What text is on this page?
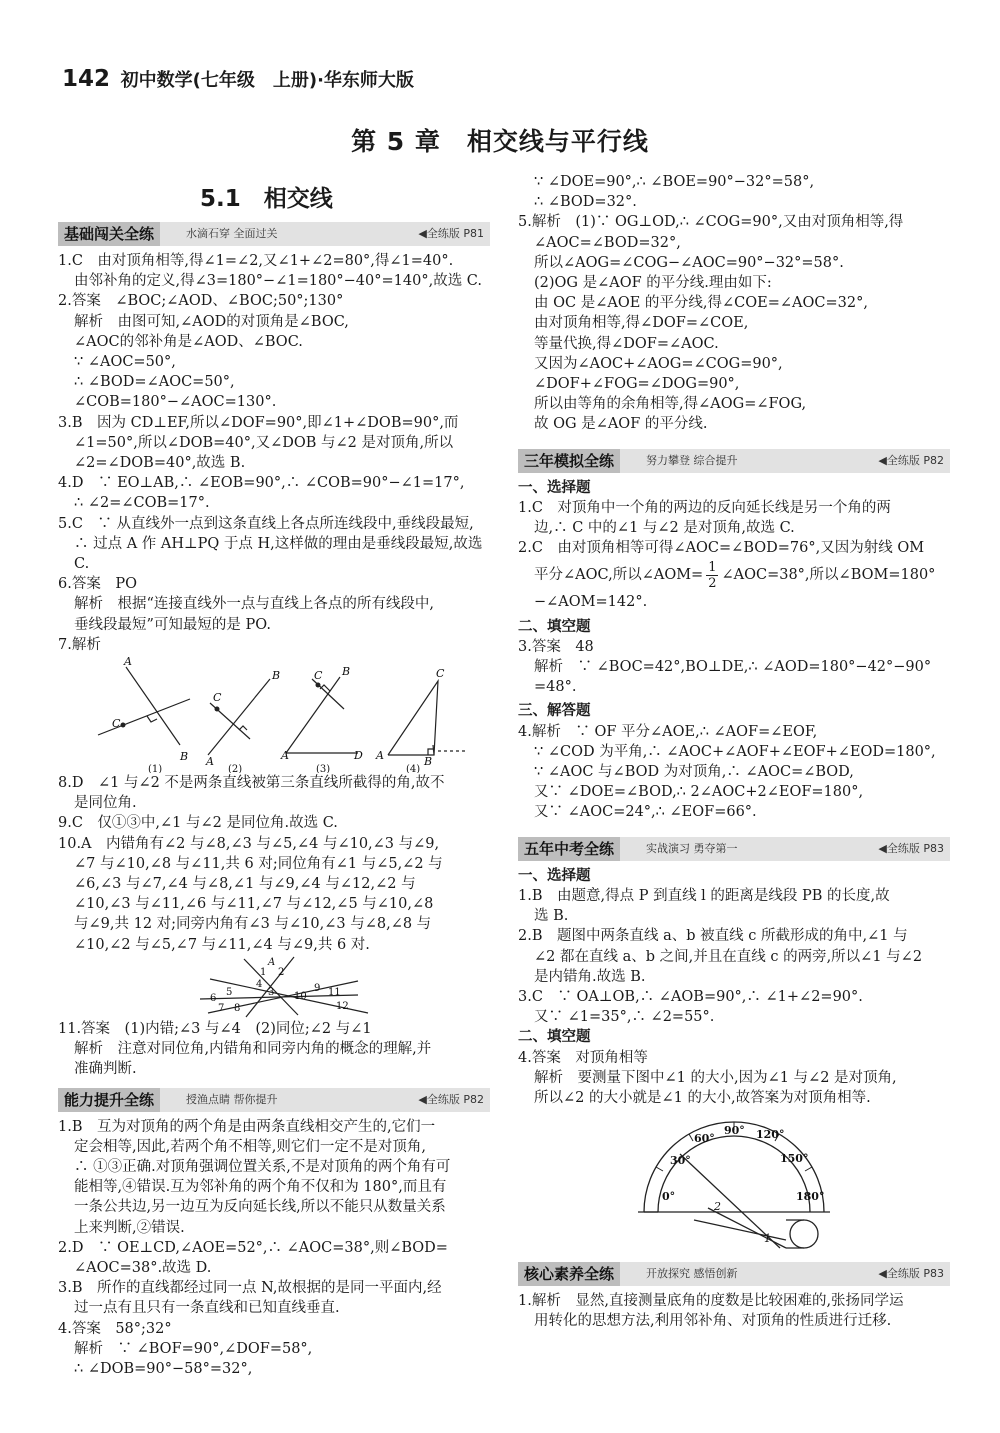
142 初中数学(七年级　上册)·华东师大版
第 5 章　相交线与平行线
5.1　相交线
基础闯关全练	水滴石穿 全面过关	◀全练版 P81

1.C　由对顶角相等,得∠1=∠2,又∠1+∠2=80°,得∠1=40°.

由邻补角的定义,得∠3=180°−∠1=180°−40°=140°,故选 C.

2.答案　∠BOC;∠AOD、∠BOC;50°;130°

解析　由图可知,∠AOD的对顶角是∠BOC,

∠AOC的邻补角是∠AOD、∠BOC.

∵ ∠AOC=50°,

∴ ∠BOD=∠AOC=50°,

∠COB=180°−∠AOC=130°.

3.B　因为 CD⊥EF,所以∠DOF=90°,即∠1+∠DOB=90°,而

∠1=50°,所以∠DOB=40°,又∠DOB 与∠2 是对顶角,所以

∠2=∠DOB=40°,故选 B.

4.D　∵ EO⊥AB,∴ ∠EOB=90°,∴ ∠COB=90°−∠1=17°,

∴ ∠2=∠COB=17°.

5.C　∵ 从直线外一点到这条直线上各点所连线段中,垂线段最短,

∴ 过点 A 作 AH⊥PQ 于点 H,这样做的理由是垂线段最短,故选 C.

6.答案　PO

解析　根据“连接直线外一点与直线上各点的所有线段中,

垂线段最短”可知最短的是 PO.

7.解析

A
B
C
A
B
C
B
C
A	D
C
A	B
(1)	(2)	(3)	(4)

8.D　∠1 与∠2 不是两条直线被第三条直线所截得的角,故不

是同位角.

9.C　仅①③中,∠1 与∠2 是同位角.故选 C.

10.A　内错角有∠2 与∠8,∠3 与∠5,∠4 与∠10,∠3 与∠9,

∠7 与∠10,∠8 与∠11,共 6 对;同位角有∠1 与∠5,∠2 与

∠6,∠3 与∠7,∠4 与∠8,∠1 与∠9,∠4 与∠12,∠2 与

∠10,∠3 与∠11,∠6 与∠11,∠7 与∠12,∠5 与∠10,∠8

与∠9,共 12 对;同旁内角有∠3 与∠10,∠3 与∠8,∠8 与

∠10,∠2 与∠5,∠7 与∠11,∠4 与∠9,共 6 对.

A
1 2
3
4
5
6
7 8
9
10 11
12

11.答案　(1)内错;∠3 与∠4　(2)同位;∠2 与∠1

解析　注意对同位角,内错角和同旁内角的概念的理解,并

准确判断.

能力提升全练	授渔点睛 帮你提升	◀全练版 P82

1.B　互为对顶角的两个角是由两条直线相交产生的,它们一

定会相等,因此,若两个角不相等,则它们一定不是对顶角,

∴ ①③正确.对顶角强调位置关系,不是对顶角的两个角有可

能相等,④错误.互为邻补角的两个角不仅和为 180°,而且有

一条公共边,另一边互为反向延长线,所以不能只从数量关系

上来判断,②错误.

2.D　∵ OE⊥CD,∠AOE=52°,∴ ∠AOC=38°,则∠BOD=

∠AOC=38°.故选 D.

3.B　所作的直线都经过同一点 N,故根据的是同一平面内,经

过一点有且只有一条直线和已知直线垂直.

4.答案　58°;32°

解析　∵ ∠BOF=90°,∠DOF=58°,

∴ ∠DOB=90°−58°=32°,

∵ ∠DOE=90°,∴ ∠BOE=90°−32°=58°,

∴ ∠BOD=32°.

5.解析　(1)∵ OG⊥OD,∴ ∠COG=90°,又由对顶角相等,得

∠AOC=∠BOD=32°,

所以∠AOG=∠COG−∠AOC=90°−32°=58°.

(2)OG 是∠AOF 的平分线.理由如下:

由 OC 是∠AOE 的平分线,得∠COE=∠AOC=32°,

由对顶角相等,得∠DOF=∠COE,

等量代换,得∠DOF=∠AOC.

又因为∠AOC+∠AOG=∠COG=90°,

∠DOF+∠FOG=∠DOG=90°,

所以由等角的余角相等,得∠AOG=∠FOG,

故 OG 是∠AOF 的平分线.

三年模拟全练	努力攀登 综合提升	◀全练版 P82

一、选择题

1.C　对顶角中一个角的两边的反向延长线是另一个角的两

边,∴ C 中的∠1 与∠2 是对顶角,故选 C.

2.C　由对顶角相等可得∠AOC=∠BOD=76°,又因为射线 OM

平分∠AOC,所以∠AOM= $\frac{1}{2}$ ∠AOC=38°,所以∠BOM=180°

−∠AOM=142°.

二、填空题

3.答案　48

解析　∵ ∠BOC=42°,BO⊥DE,∴ ∠AOD=180°−42°−90°

=48°.

三、解答题

4.解析　∵ OF 平分∠AOE,∴ ∠AOF=∠EOF,

∵ ∠COD 为平角,∴ ∠AOC+∠AOF+∠EOF+∠EOD=180°,

∵ ∠AOC 与∠BOD 为对顶角,∴ ∠AOC=∠BOD,

又∵ ∠DOE=∠BOD,∴ 2∠AOC+2∠EOF=180°,

又∵ ∠AOC=24°,∴ ∠EOF=66°.

五年中考全练	实战演习 勇夺第一	◀全练版 P83

一、选择题

1.B　由题意,得点 P 到直线 l 的距离是线段 PB 的长度,故

选 B.

2.B　题图中两条直线 a、b 被直线 c 所截形成的角中,∠1 与

∠2 都在直线 a、b 之间,并且在直线 c 的两旁,所以∠1 与∠2

是内错角.故选 B.

3.C　∵ OA⊥OB,∴ ∠AOB=90°,∴ ∠1+∠2=90°.

又∵ ∠1=35°,∴ ∠2=55°.

二、填空题

4.答案　对顶角相等

解析　要测量下图中∠1 的大小,因为∠1 与∠2 是对顶角,

所以∠2 的大小就是∠1 的大小,故答案为对顶角相等.

0°
30°
60°
90° 120°
150°
180°
2
1
核心素养全练	开放探究 感悟创新	◀全练版 P83

1.解析　显然,直接测量底角的度数是比较困难的,张扬同学运

用转化的思想方法,利用邻补角、对顶角的性质进行迁移.
